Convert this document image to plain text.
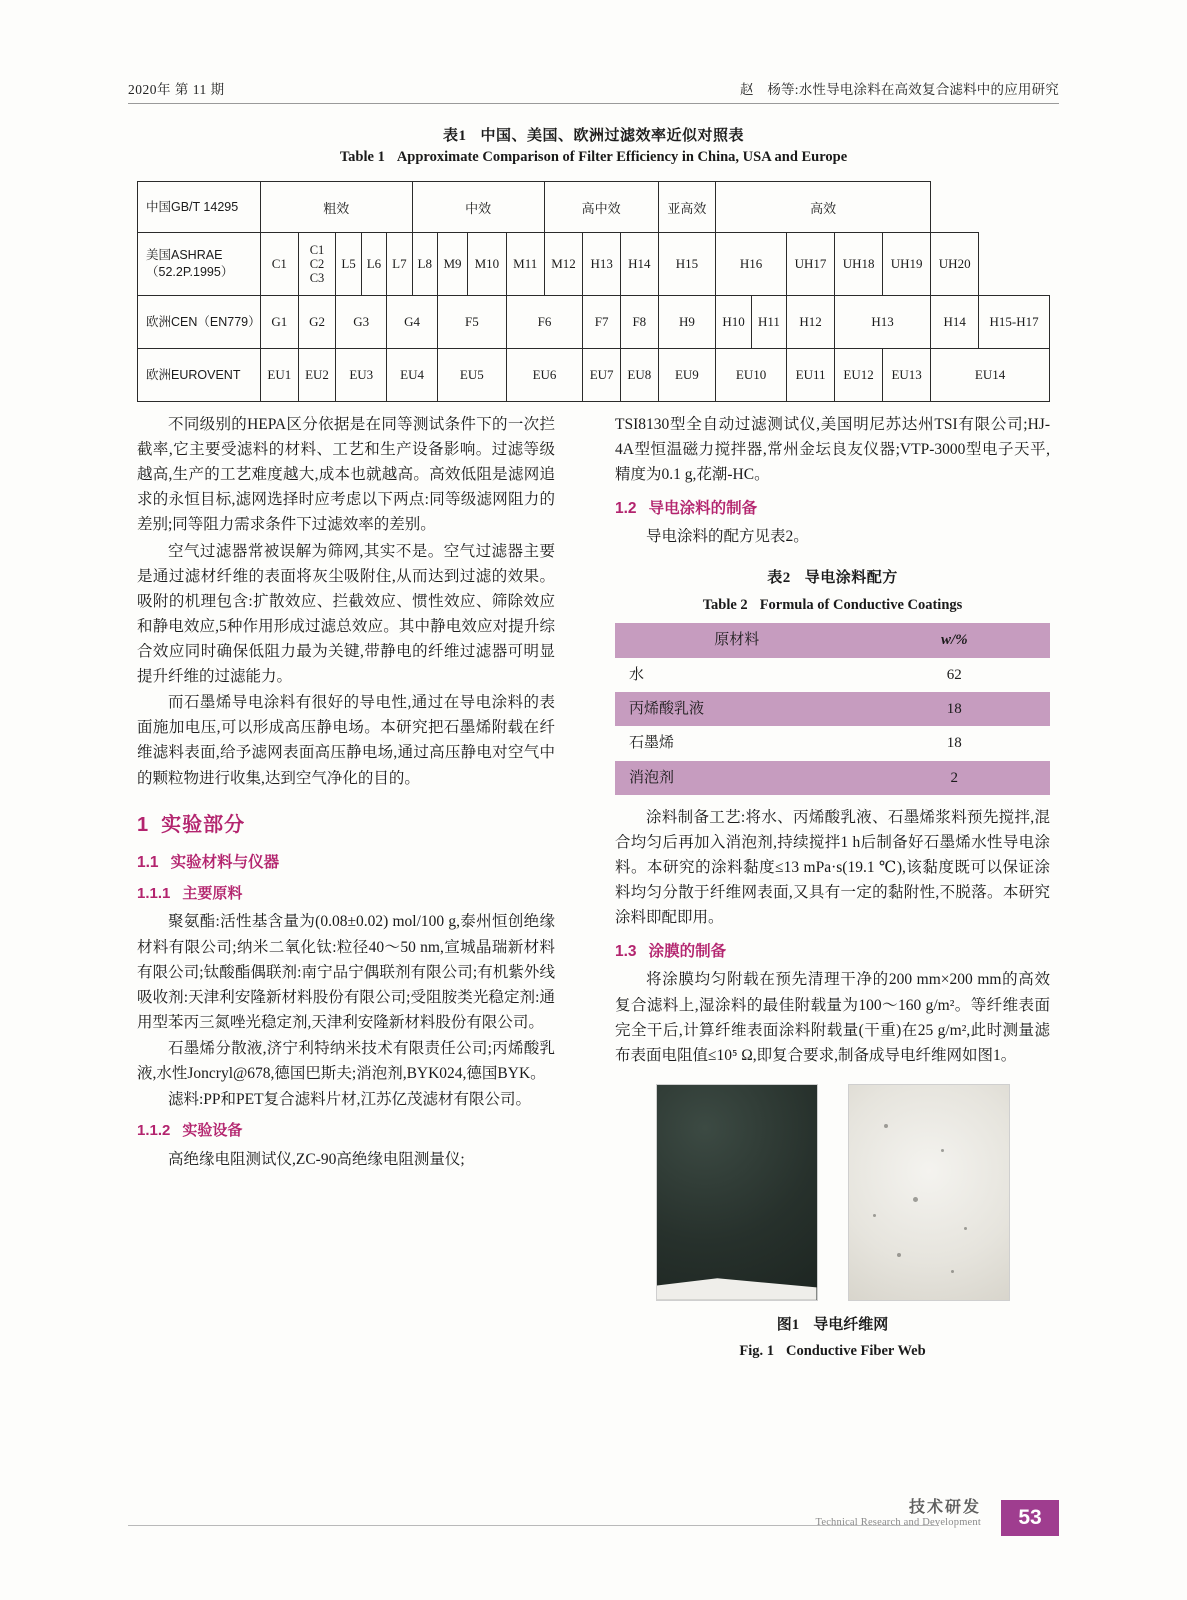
2020年 第 11 期	赵　杨等:水性导电涂料在高效复合滤料中的应用研究
表1 中国、美国、欧洲过滤效率近似对照表
Table 1 Approximate Comparison of Filter Efficiency in China, USA and Europe
中国GB/T 14295	粗效					中效				高中效			亚高效	高效						
美国ASHRAE（52.2P.1995）	C1	C1
C2
C3	L5	L6	L7	L8	M9	M10	M11	M12	H13	H14	H15	H16		UH17	UH18	UH19	UH20	
欧洲CEN（EN779）	G1	G2	G3		G4		F5		F6		F7	F8	H9	H10	H11	H12	H13		H14	H15-H17
欧洲EUROVENT	EU1	EU2	EU3		EU4		EU5		EU6		EU7	EU8	EU9	EU10		EU11	EU12	EU13	EU14	

不同级别的HEPA区分依据是在同等测试条件下的一次拦截率,它主要受滤料的材料、工艺和生产设备影响。过滤等级越高,生产的工艺难度越大,成本也就越高。高效低阻是滤网追求的永恒目标,滤网选择时应考虑以下两点:同等级滤网阻力的差别;同等阻力需求条件下过滤效率的差别。

空气过滤器常被误解为筛网,其实不是。空气过滤器主要是通过滤材纤维的表面将灰尘吸附住,从而达到过滤的效果。吸附的机理包含:扩散效应、拦截效应、惯性效应、筛除效应和静电效应,5种作用形成过滤总效应。其中静电效应对提升综合效应同时确保低阻力最为关键,带静电的纤维过滤器可明显提升纤维的过滤能力。

而石墨烯导电涂料有很好的导电性,通过在导电涂料的表面施加电压,可以形成高压静电场。本研究把石墨烯附载在纤维滤料表面,给予滤网表面高压静电场,通过高压静电对空气中的颗粒物进行收集,达到空气净化的目的。

1 实验部分
1.1 实验材料与仪器
1.1.1 主要原料

聚氨酯:活性基含量为(0.08±0.02) mol/100 g,泰州恒创绝缘材料有限公司;纳米二氧化钛:粒径40～50 nm,宣城晶瑞新材料有限公司;钛酸酯偶联剂:南宁品宁偶联剂有限公司;有机紫外线吸收剂:天津利安隆新材料股份有限公司;受阻胺类光稳定剂:通用型苯丙三氮唑光稳定剂,天津利安隆新材料股份有限公司。

石墨烯分散液,济宁利特纳米技术有限责任公司;丙烯酸乳液,水性Joncryl@678,德国巴斯夫;消泡剂,BYK024,德国BYK。

滤料:PP和PET复合滤料片材,江苏亿茂滤材有限公司。

1.1.2 实验设备

高绝缘电阻测试仪,ZC-90高绝缘电阻测量仪;

TSI8130型全自动过滤测试仪,美国明尼苏达州TSI有限公司;HJ-4A型恒温磁力搅拌器,常州金坛良友仪器;VTP-3000型电子天平,精度为0.1 g,花潮-HC。

1.2 导电涂料的制备

导电涂料的配方见表2。

表2 导电涂料配方
Table 2 Formula of Conductive Coatings
原材料	w/%
水	62
丙烯酸乳液	18
石墨烯	18
消泡剂	2

涂料制备工艺:将水、丙烯酸乳液、石墨烯浆料预先搅拌,混合均匀后再加入消泡剂,持续搅拌1 h后制备好石墨烯水性导电涂料。本研究的涂料黏度≤13 mPa·s(19.1 ℃),该黏度既可以保证涂料均匀分散于纤维网表面,又具有一定的黏附性,不脱落。本研究涂料即配即用。

1.3 涂膜的制备

将涂膜均匀附载在预先清理干净的200 mm×200 mm的高效复合滤料上,湿涂料的最佳附载量为100～160 g/m²。等纤维表面完全干后,计算纤维表面涂料附载量(干重)在25 g/m²,此时测量滤布表面电阻值≤10⁵ Ω,即复合要求,制备成导电纤维网如图1。

图1 导电纤维网
Fig. 1 Conductive Fiber Web
技术研发
Technical Research and Development	53
